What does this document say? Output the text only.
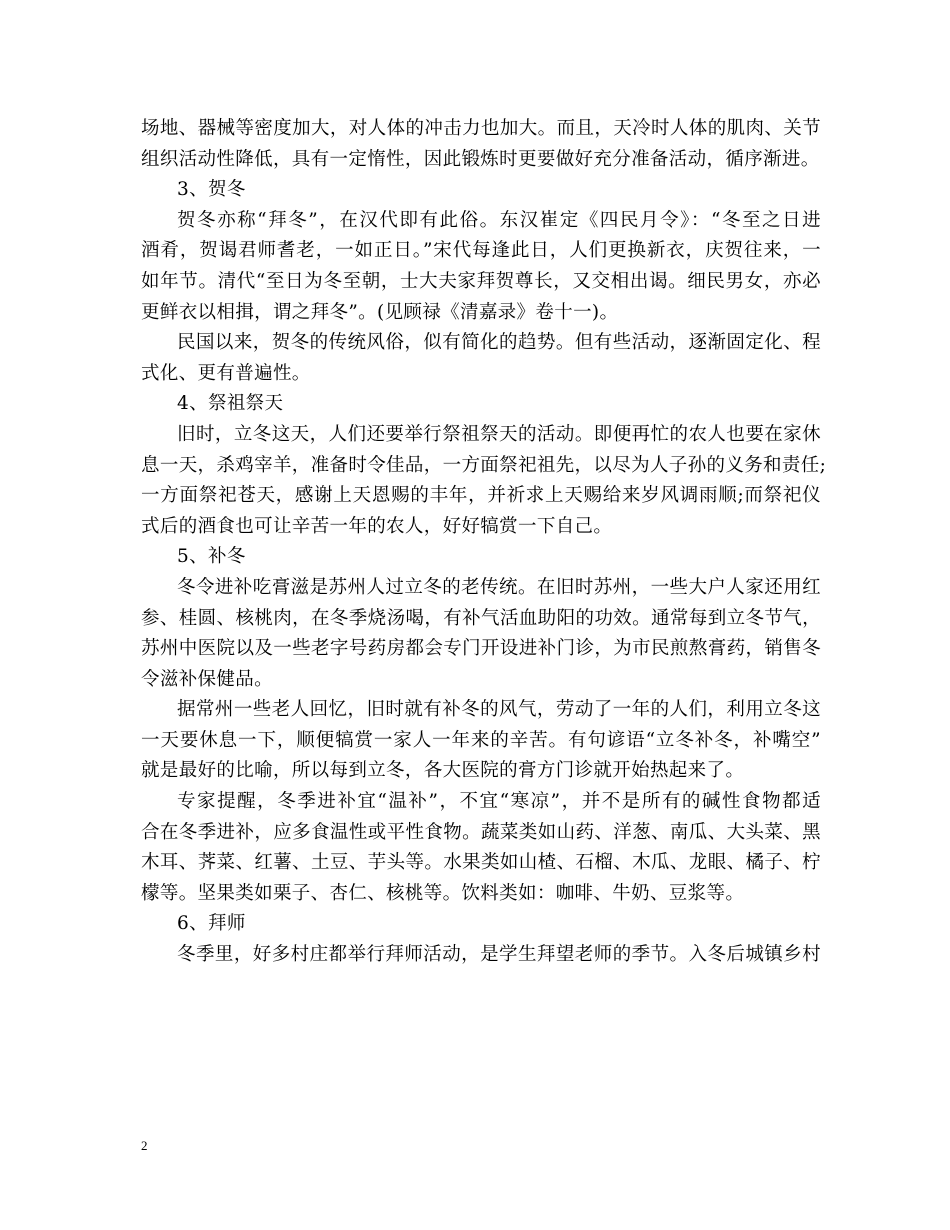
场地、器械等密度加大，对人体的冲击力也加大。而且，天冷时人体的肌肉、关节
组织活动性降低，具有一定惰性，因此锻炼时更要做好充分准备活动，循序渐进。
3、贺冬
贺冬亦称“拜冬”，在汉代即有此俗。东汉崔定《四民月令》：“冬至之日进
酒肴，贺谒君师耆老，一如正日。”宋代每逢此日，人们更换新衣，庆贺往来，一
如年节。清代“至日为冬至朝，士大夫家拜贺尊长，又交相出谒。细民男女，亦必
更鲜衣以相揖，谓之拜冬”。(见顾禄《清嘉录》卷十一)。
民国以来，贺冬的传统风俗，似有简化的趋势。但有些活动，逐渐固定化、程
式化、更有普遍性。
4、祭祖祭天
旧时，立冬这天，人们还要举行祭祖祭天的活动。即便再忙的农人也要在家休
息一天，杀鸡宰羊，准备时令佳品，一方面祭祀祖先，以尽为人子孙的义务和责任;
一方面祭祀苍天，感谢上天恩赐的丰年，并祈求上天赐给来岁风调雨顺;而祭祀仪
式后的酒食也可让辛苦一年的农人，好好犒赏一下自己。
5、补冬
冬令进补吃膏滋是苏州人过立冬的老传统。在旧时苏州，一些大户人家还用红
参、桂圆、核桃肉，在冬季烧汤喝，有补气活血助阳的功效。通常每到立冬节气，
苏州中医院以及一些老字号药房都会专门开设进补门诊，为市民煎熬膏药，销售冬
令滋补保健品。
据常州一些老人回忆，旧时就有补冬的风气，劳动了一年的人们，利用立冬这
一天要休息一下，顺便犒赏一家人一年来的辛苦。有句谚语“立冬补冬，补嘴空”
就是最好的比喻，所以每到立冬，各大医院的膏方门诊就开始热起来了。
专家提醒，冬季进补宜“温补”，不宜“寒凉”，并不是所有的碱性食物都适
合在冬季进补，应多食温性或平性食物。蔬菜类如山药、洋葱、南瓜、大头菜、黑
木耳、荠菜、红薯、土豆、芋头等。水果类如山楂、石榴、木瓜、龙眼、橘子、柠
檬等。坚果类如栗子、杏仁、核桃等。饮料类如：咖啡、牛奶、豆浆等。
6、拜师
冬季里，好多村庄都举行拜师活动，是学生拜望老师的季节。入冬后城镇乡村
2
